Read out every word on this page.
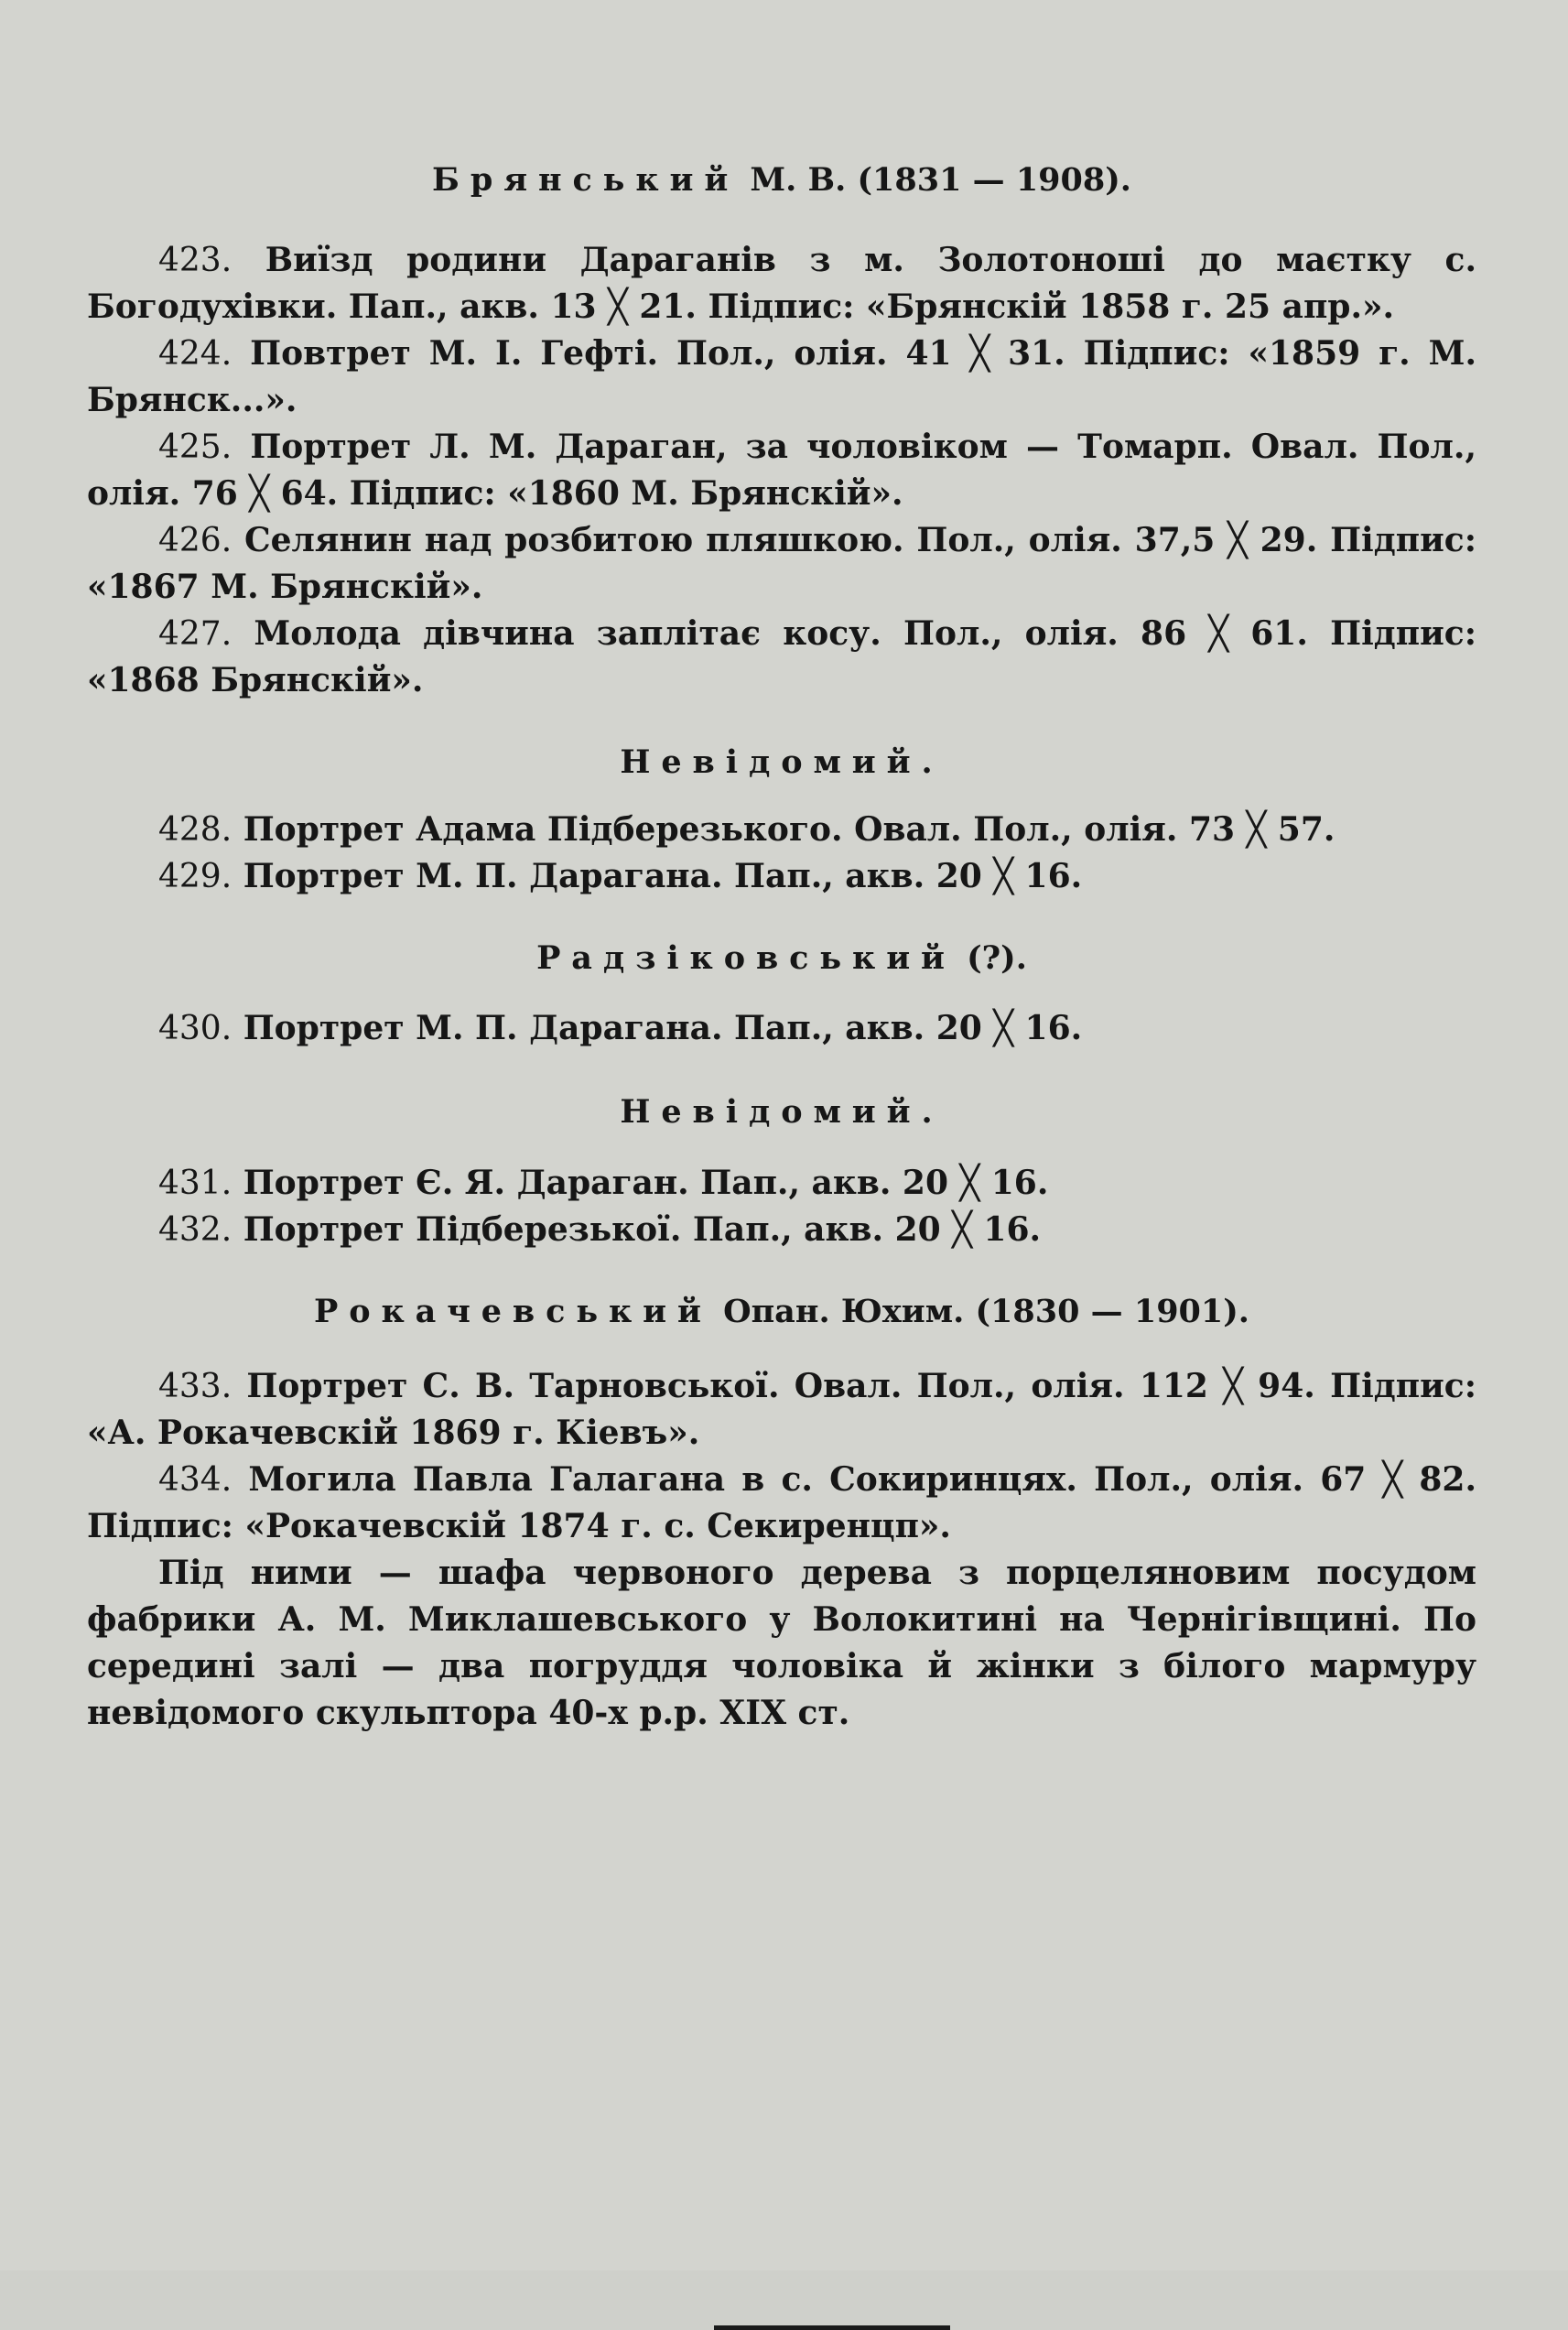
Брянський М. В. (1831 — 1908).

423. Виїзд родини Дараганів з м. Золотоноші до маєтку с. Богодухівки. Пап., акв. 13 ╳ 21. Підпис: «Брянскій 1858 г. 25 апр.».

424. Повтрет М. І. Гефті. Пол., олія. 41 ╳ 31. Підпис: «1859 г. М. Брянск...».

425. Портрет Л. М. Дараган, за чоловіком — Томарп. Овал. Пол., олія. 76 ╳ 64. Підпис: «1860 М. Брянскій».

426. Селянин над розбитою пляшкою. Пол., олія. 37,5 ╳ 29. Підпис: «1867 М. Брянскій».

427. Молода дівчина заплітає косу. Пол., олія. 86 ╳ 61. Підпис: «1868 Брянскій».

Невідомий.

428. Портрет Адама Підберезького. Овал. Пол., олія. 73 ╳ 57.

429. Портрет М. П. Дарагана. Пап., акв. 20 ╳ 16.

Радзіковський (?).

430. Портрет М. П. Дарагана. Пап., акв. 20 ╳ 16.

Невідомий.

431. Портрет Є. Я. Дараган. Пап., акв. 20 ╳ 16.

432. Портрет Підберезької. Пап., акв. 20 ╳ 16.

Рокачевський Опан. Юхим. (1830 — 1901).

433. Портрет С. В. Тарновської. Овал. Пол., олія. 112 ╳ 94. Підпис: «А. Рокачевскій 1869 г. Кіевъ».

434. Могила Павла Галагана в с. Сокиринцях. Пол., олія. 67 ╳ 82. Підпис: «Рокачевскій 1874 г. с. Секиренцп».

Під ними — шафа червоного дерева з порцеляновим посудом фабрики А. М. Миклашевського у Волокитині на Чернігівщині. По середині залі — два погруддя чоловіка й жінки з білого мармуру невідомого скульптора 40-х р.р. XIX ст.
